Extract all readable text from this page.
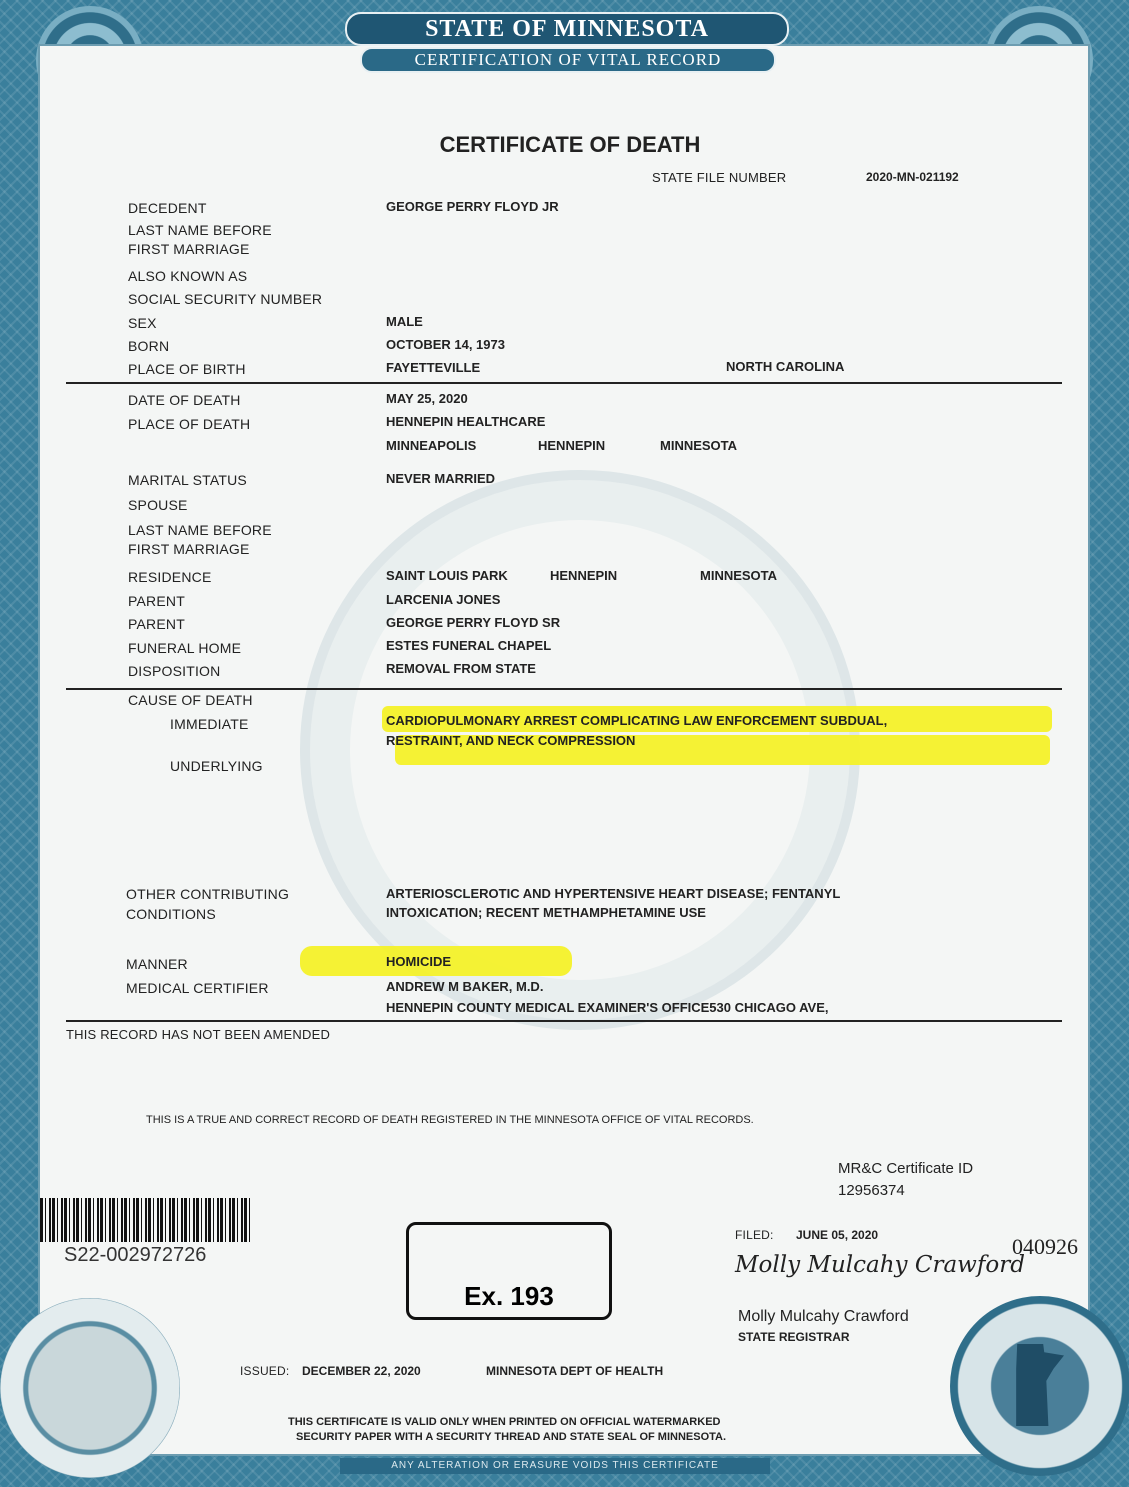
STATE OF MINNESOTA
CERTIFICATION OF VITAL RECORD
CERTIFICATE OF DEATH
STATE FILE NUMBER	2020-MN-021192
DECEDENT	GEORGE PERRY FLOYD JR
LAST NAME BEFORE
FIRST MARRIAGE
ALSO KNOWN AS
SOCIAL SECURITY NUMBER
SEX	MALE
BORN	OCTOBER 14, 1973
PLACE OF BIRTH	FAYETTEVILLE	NORTH CAROLINA
DATE OF DEATH	MAY 25, 2020
PLACE OF DEATH	HENNEPIN HEALTHCARE
MINNEAPOLIS	HENNEPIN	MINNESOTA
MARITAL STATUS	NEVER MARRIED
SPOUSE
LAST NAME BEFORE
FIRST MARRIAGE
RESIDENCE	SAINT LOUIS PARK	HENNEPIN	MINNESOTA
PARENT	LARCENIA JONES
PARENT	GEORGE PERRY FLOYD SR
FUNERAL HOME	ESTES FUNERAL CHAPEL
DISPOSITION	REMOVAL FROM STATE
CAUSE OF DEATH
IMMEDIATE	CARDIOPULMONARY ARREST COMPLICATING LAW ENFORCEMENT SUBDUAL,
RESTRAINT, AND NECK COMPRESSION
UNDERLYING
OTHER CONTRIBUTING
CONDITIONS
ARTERIOSCLEROTIC AND HYPERTENSIVE HEART DISEASE; FENTANYL
INTOXICATION; RECENT METHAMPHETAMINE USE
MANNER	HOMICIDE
MEDICAL CERTIFIER	ANDREW M BAKER, M.D.
HENNEPIN COUNTY MEDICAL EXAMINER'S OFFICE530 CHICAGO AVE,
THIS RECORD HAS NOT BEEN AMENDED
THIS IS A TRUE AND CORRECT RECORD OF DEATH REGISTERED IN THE MINNESOTA OFFICE OF VITAL RECORDS.
MR&C Certificate ID
12956374
S22-002972726
Ex. 193
FILED: JUNE 05, 2020	040926
Molly Mulcahy Crawford
Molly Mulcahy Crawford
STATE REGISTRAR
ISSUED: DECEMBER 22, 2020	MINNESOTA DEPT OF HEALTH
THIS CERTIFICATE IS VALID ONLY WHEN PRINTED ON OFFICIAL WATERMARKED
SECURITY PAPER WITH A SECURITY THREAD AND STATE SEAL OF MINNESOTA.
ANY ALTERATION OR ERASURE VOIDS THIS CERTIFICATE
